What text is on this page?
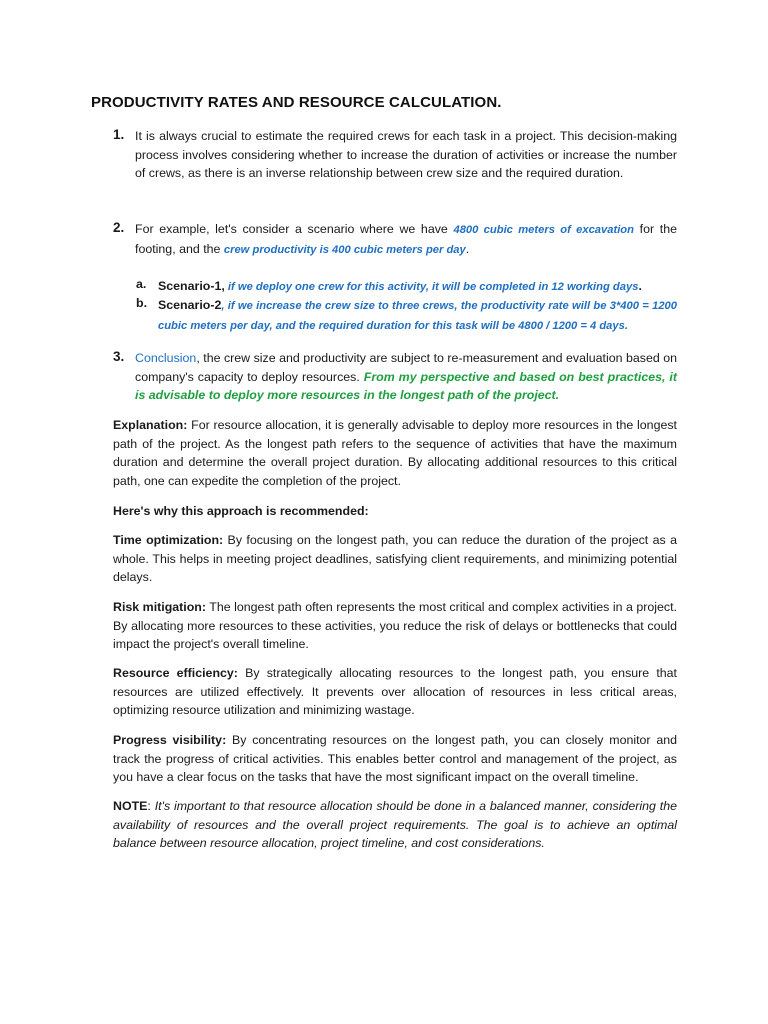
PRODUCTIVITY RATES AND RESOURCE CALCULATION.
1. It is always crucial to estimate the required crews for each task in a project. This decision-making process involves considering whether to increase the duration of activities or increase the number of crews, as there is an inverse relationship between crew size and the required duration.
2. For example, let's consider a scenario where we have 4800 cubic meters of excavation for the footing, and the crew productivity is 400 cubic meters per day.
a. Scenario-1, if we deploy one crew for this activity, it will be completed in 12 working days.
b. Scenario-2, if we increase the crew size to three crews, the productivity rate will be 3*400 = 1200 cubic meters per day, and the required duration for this task will be 4800 / 1200 = 4 days.
3. Conclusion, the crew size and productivity are subject to re-measurement and evaluation based on company's capacity to deploy resources. From my perspective and based on best practices, it is advisable to deploy more resources in the longest path of the project.

Explanation: For resource allocation, it is generally advisable to deploy more resources in the longest path of the project. As the longest path refers to the sequence of activities that have the maximum duration and determine the overall project duration. By allocating additional resources to this critical path, one can expedite the completion of the project.

Here's why this approach is recommended:

Time optimization: By focusing on the longest path, you can reduce the duration of the project as a whole. This helps in meeting project deadlines, satisfying client requirements, and minimizing potential delays.

Risk mitigation: The longest path often represents the most critical and complex activities in a project. By allocating more resources to these activities, you reduce the risk of delays or bottlenecks that could impact the project's overall timeline.

Resource efficiency: By strategically allocating resources to the longest path, you ensure that resources are utilized effectively. It prevents over allocation of resources in less critical areas, optimizing resource utilization and minimizing wastage.

Progress visibility: By concentrating resources on the longest path, you can closely monitor and track the progress of critical activities. This enables better control and management of the project, as you have a clear focus on the tasks that have the most significant impact on the overall timeline.

NOTE: It's important to that resource allocation should be done in a balanced manner, considering the availability of resources and the overall project requirements. The goal is to achieve an optimal balance between resource allocation, project timeline, and cost considerations.
